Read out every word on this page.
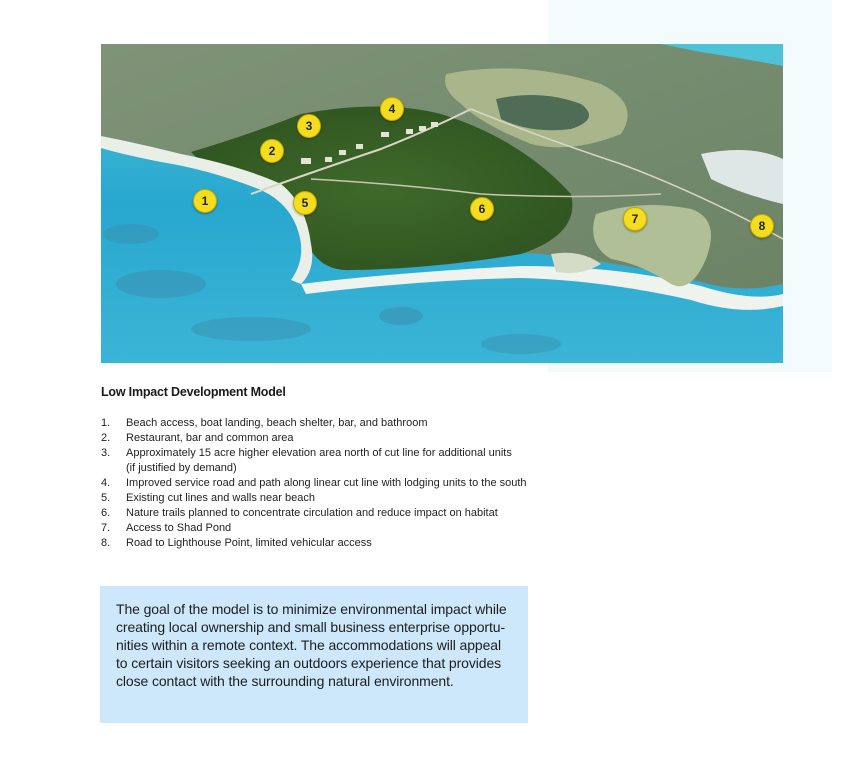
1
2
3
4
5	6
7	8
Low Impact Development Model
1.	Beach access, boat landing, beach shelter, bar, and bathroom
2.	Restaurant, bar and common area
3.	Approximately 15 acre higher elevation area north of cut line for additional units
(if justified by demand)
4.	Improved service road and path along linear cut line with lodging units to the south
5.	Existing cut lines and walls near beach
6.	Nature trails planned to concentrate circulation and reduce impact on habitat
7.	Access to Shad Pond
8.	Road to Lighthouse Point, limited vehicular access

The goal of the model is to minimize environmental impact while creating local ownership and small business enterprise opportu-nities within a remote context. The accommodations will appeal to certain visitors seeking an outdoors experience that provides close contact with the surrounding natural environment.
